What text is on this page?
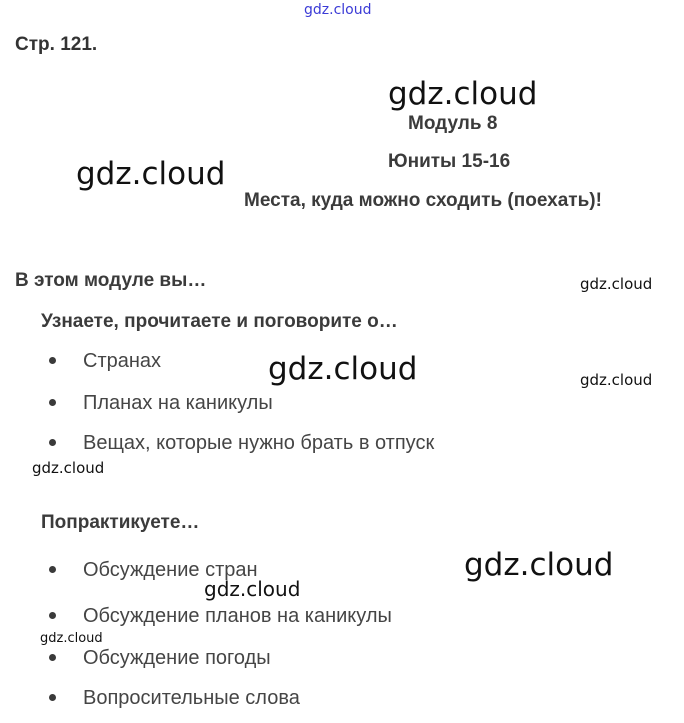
gdz.cloud
Стр. 121.
gdz.cloud
Модуль 8
Юниты 15-16
gdz.cloud
Места, куда можно сходить (поехать)!
В этом модуле вы…	gdz.cloud
Узнаете, прочитаете и поговорите о…
Странах
Планах на каникулы
Вещах, которые нужно брать в отпуск
gdz.cloud	gdz.cloud
gdz.cloud
Попрактикуете…
Обсуждение стран
Обсуждение планов на каникулы
Обсуждение погоды
Вопросительные слова
gdz.cloud
gdz.cloud
gdz.cloud
